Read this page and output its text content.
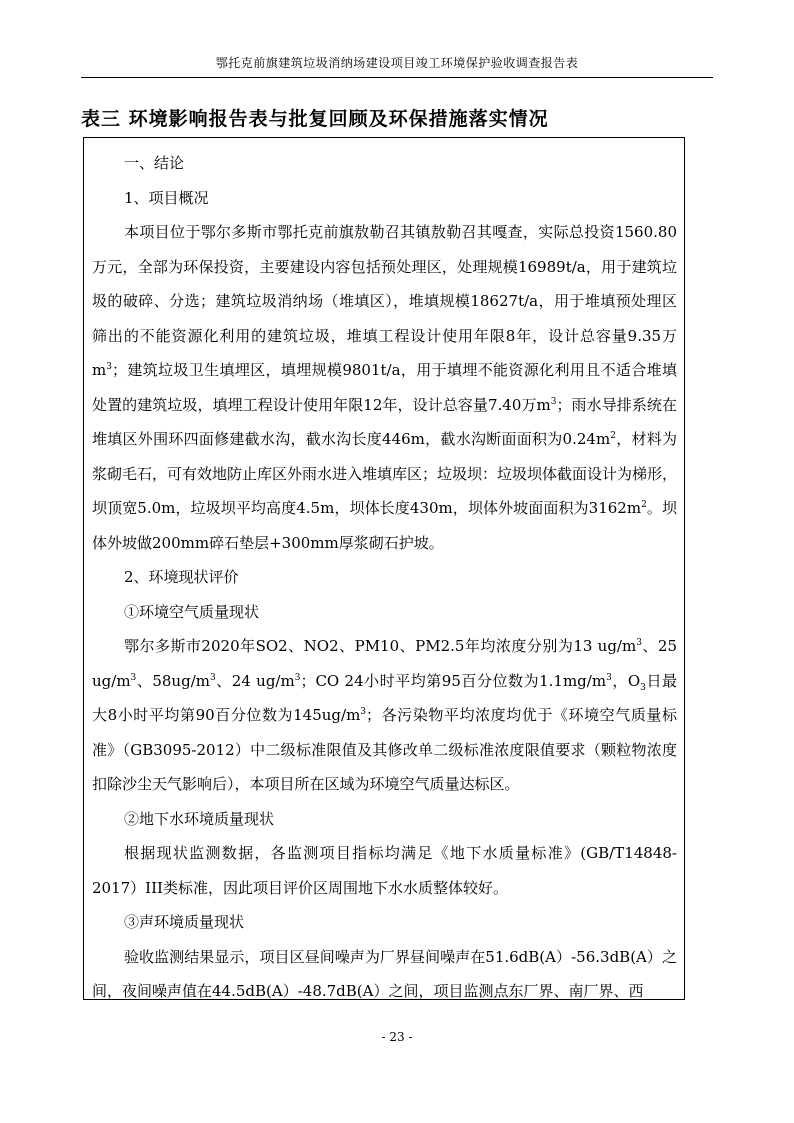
鄂托克前旗建筑垃圾消纳场建设项目竣工环境保护验收调查报告表
表三 环境影响报告表与批复回顾及环保措施落实情况

一、结论

1、项目概况

本项目位于鄂尔多斯市鄂托克前旗敖勒召其镇敖勒召其嘎查，实际总投资1560.80万元，全部为环保投资，主要建设内容包括预处理区，处理规模16989t/a，用于建筑垃圾的破碎、分选；建筑垃圾消纳场（堆填区），堆填规模18627t/a，用于堆填预处理区筛出的不能资源化利用的建筑垃圾，堆填工程设计使用年限8年，设计总容量9.35万$m^3$；建筑垃圾卫生填埋区，填埋规模9801t/a，用于填埋不能资源化利用且不适合堆填处置的建筑垃圾，填埋工程设计使用年限12年，设计总容量7.40万$m^3$；雨水导排系统在堆填区外围环四面修建截水沟，截水沟长度446m，截水沟断面面积为$0.24m^2$，材料为浆砌毛石，可有效地防止库区外雨水进入堆填库区；垃圾坝：垃圾坝体截面设计为梯形，坝顶宽5.0m，垃圾坝平均高度4.5m，坝体长度430m，坝体外坡面面积为$3162m^2$。坝体外坡做200mm碎石垫层+300mm厚浆砌石护坡。

2、环境现状评价

①环境空气质量现状

鄂尔多斯市2020年SO2、NO2、PM10、PM2.5年均浓度分别为13 $ug/m^3$、25 $ug/m^3$、$58ug/m^3$、24 $ug/m^3$；CO 24小时平均第95百分位数为$1.1mg/m^3$，$O_3$日最大8小时平均第90百分位数为$145ug/m^3$；各污染物平均浓度均优于《环境空气质量标准》（GB3095-2012）中二级标准限值及其修改单二级标准浓度限值要求（颗粒物浓度扣除沙尘天气影响后），本项目所在区域为环境空气质量达标区。

②地下水环境质量现状

根据现状监测数据，各监测项目指标均满足《地下水质量标准》(GB/T14848-2017）III类标准，因此项目评价区周围地下水水质整体较好。

③声环境质量现状

验收监测结果显示，项目区昼间噪声为厂界昼间噪声在51.6dB(A）-56.3dB(A）之间，夜间噪声值在44.5dB(A）-48.7dB(A）之间，项目监测点东厂界、南厂界、西

- 23 -
